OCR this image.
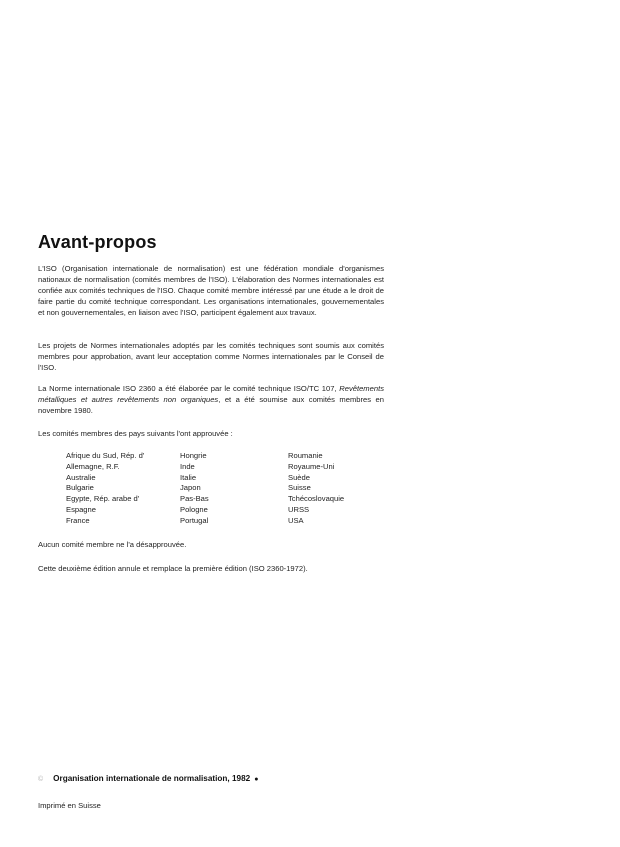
Avant-propos

L'ISO (Organisation internationale de normalisation) est une fédération mondiale d'organismes nationaux de normalisation (comités membres de l'ISO). L'élaboration des Normes internationales est confiée aux comités techniques de l'ISO. Chaque comité membre intéressé par une étude a le droit de faire partie du comité technique correspondant. Les organisations internationales, gouvernementales et non gouvernementales, en liaison avec l'ISO, participent également aux travaux.

Les projets de Normes internationales adoptés par les comités techniques sont soumis aux comités membres pour approbation, avant leur acceptation comme Normes internationales par le Conseil de l'ISO.

La Norme internationale ISO 2360 a été élaborée par le comité technique ISO/TC 107, Revêtements métalliques et autres revêtements non organiques, et a été soumise aux comités membres en novembre 1980.

Les comités membres des pays suivants l'ont approuvée :

Afrique du Sud, Rép. d'
Allemagne, R.F.
Australie
Bulgarie
Egypte, Rép. arabe d'
Espagne
France
Hongrie
Inde
Italie
Japon
Pas-Bas
Pologne
Portugal
Roumanie
Royaume-Uni
Suède
Suisse
Tchécoslovaquie
URSS
USA

Aucun comité membre ne l'a désapprouvée.

Cette deuxième édition annule et remplace la première édition (ISO 2360-1972).

© Organisation internationale de normalisation, 1982 ●
Imprimé en Suisse
